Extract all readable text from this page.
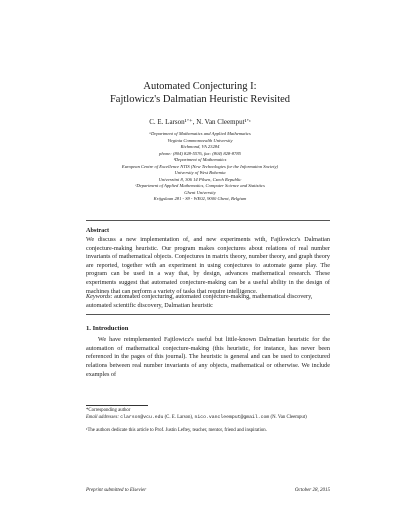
Automated Conjecturing I:
Fajtlowicz's Dalmatian Heuristic Revisited
C. E. Larson¹ʼ⁺, N. Van Cleemput¹ʼᶜ
ᵃDepartment of Mathematics and Applied Mathematics
Virginia Commonwealth University
Richmond, VA 23284
phone: (804) 828-5576, fax: (804) 828-8785
ᵇDepartment of Mathematics
European Centre of Excellence NTIS (New Technologies for the Information Society)
University of West Bohemia
Univerzitni 8, 306 14 Pilsen, Czech Republic
ᶜDepartment of Applied Mathematics, Computer Science and Statistics
Ghent University
Krijgslaan 281 - S9 - WE02, 9000 Ghent, Belgium
Abstract
We discuss a new implementation of, and new experiments with, Fajtlowicz's Dalmatian conjecture-making heuristic. Our program makes conjectures about relations of real number invariants of mathematical objects. Conjectures in matrix theory, number theory, and graph theory are reported, together with an experiment in using conjectures to automate game play. The program can be used in a way that, by design, advances mathematical research. These experiments suggest that automated conjecture-making can be a useful ability in the design of machines that can perform a variety of tasks that require intelligence.
Keywords: automated conjecturing, automated conjecture-making, mathematical discovery, automated scientific discovery, Dalmatian heuristic
1. Introduction
We have reimplemented Fajtlowicz's useful but little-known Dalmatian heuristic for the automation of mathematical conjecture-making (this heuristic, for instance, has never been referenced in the pages of this journal). The heuristic is general and can be used to conjectured relations between real number invariants of any objects, mathematical or otherwise. We include examples of
*Corresponding author
Email addresses: clarson@vcu.edu (C. E. Larson), nico.vancleemput@gmail.com (N. Van Cleemput)
¹The authors dedicate this article to Prof. Justin Leftey, teacher, mentor, friend and inspiration.
Preprint submitted to Elsevier	October 28, 2015
